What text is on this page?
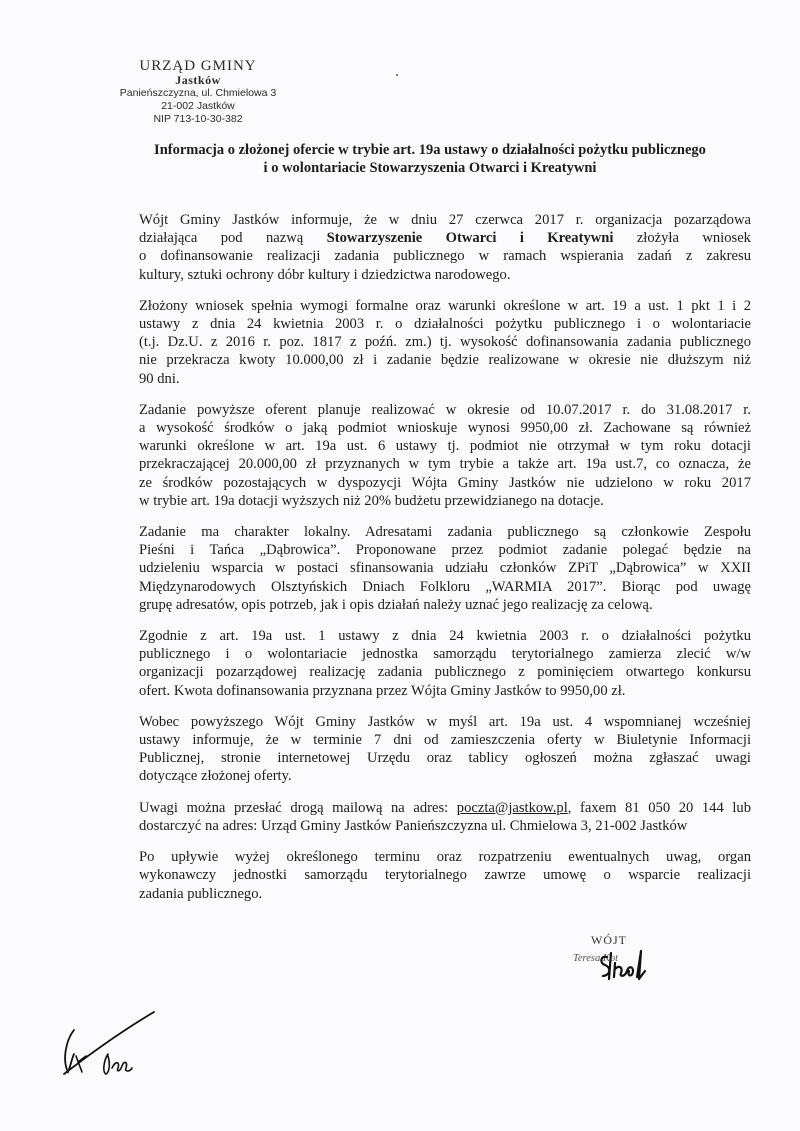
URZĄD GMINY
Jastków
Panieńszczyzna, ul. Chmielowa 3
21-002 Jastków
NIP 713-10-30-382
Informacja o złożonej ofercie w trybie art. 19a ustawy o działalności pożytku publicznego
i o wolontariacie Stowarzyszenia Otwarci i Kreatywni

Wójt Gminy Jastków informuje, że w dniu 27 czerwca 2017 r. organizacja pozarządowa
działająca pod nazwą Stowarzyszenie Otwarci i Kreatywni złożyła wniosek
o dofinansowanie realizacji zadania publicznego w ramach wspierania zadań z zakresu
kultury, sztuki ochrony dóbr kultury i dziedzictwa narodowego.

Złożony wniosek spełnia wymogi formalne oraz warunki określone w art. 19 a ust. 1 pkt 1 i 2
ustawy z dnia 24 kwietnia 2003 r. o działalności pożytku publicznego i o wolontariacie
(t.j. Dz.U. z 2016 r. poz. 1817 z poźń. zm.) tj. wysokość dofinansowania zadania publicznego
nie przekracza kwoty 10.000,00 zł i zadanie będzie realizowane w okresie nie dłuższym niż
90 dni.

Zadanie powyższe oferent planuje realizować w okresie od 10.07.2017 r. do 31.08.2017 r.
a wysokość środków o jaką podmiot wnioskuje wynosi 9950,00 zł. Zachowane są również
warunki określone w art. 19a ust. 6 ustawy tj. podmiot nie otrzymał w tym roku dotacji
przekraczającej 20.000,00 zł przyznanych w tym trybie a także art. 19a ust.7, co oznacza, że
ze środków pozostających w dyspozycji Wójta Gminy Jastków nie udzielono w roku 2017
w trybie art. 19a dotacji wyższych niż 20% budżetu przewidzianego na dotacje.

Zadanie ma charakter lokalny. Adresatami zadania publicznego są członkowie Zespołu
Pieśni i Tańca „Dąbrowica”. Proponowane przez podmiot zadanie polegać będzie na
udzieleniu wsparcia w postaci sfinansowania udziału członków ZPiT „Dąbrowica” w XXII
Międzynarodowych Olsztyńskich Dniach Folkloru „WARMIA 2017”. Biorąc pod uwagę
grupę adresatów, opis potrzeb, jak i opis działań należy uznać jego realizację za celową.

Zgodnie z art. 19a ust. 1 ustawy z dnia 24 kwietnia 2003 r. o działalności pożytku
publicznego i o wolontariacie jednostka samorządu terytorialnego zamierza zlecić w/w
organizacji pozarządowej realizację zadania publicznego z pominięciem otwartego konkursu
ofert. Kwota dofinansowania przyznana przez Wójta Gminy Jastków to 9950,00 zł.

Wobec powyższego Wójt Gminy Jastków w myśl art. 19a ust. 4 wspomnianej wcześniej
ustawy informuje, że w terminie 7 dni od zamieszczenia oferty w Biuletynie Informacji
Publicznej, stronie internetowej Urzędu oraz tablicy ogłoszeń można zgłaszać uwagi
dotyczące złożonej oferty.

Uwagi można przesłać drogą mailową na adres: poczta@jastkow.pl, faxem 81 050 20 144 lub
dostarczyć na adres: Urząd Gminy Jastków Panieńszczyzna ul. Chmielowa 3, 21-002 Jastków

Po upływie wyżej określonego terminu oraz rozpatrzeniu ewentualnych uwag, organ
wykonawczy jednostki samorządu terytorialnego zawrze umowę o wsparcie realizacji
zadania publicznego.

WÓJT
Teresa Kot
